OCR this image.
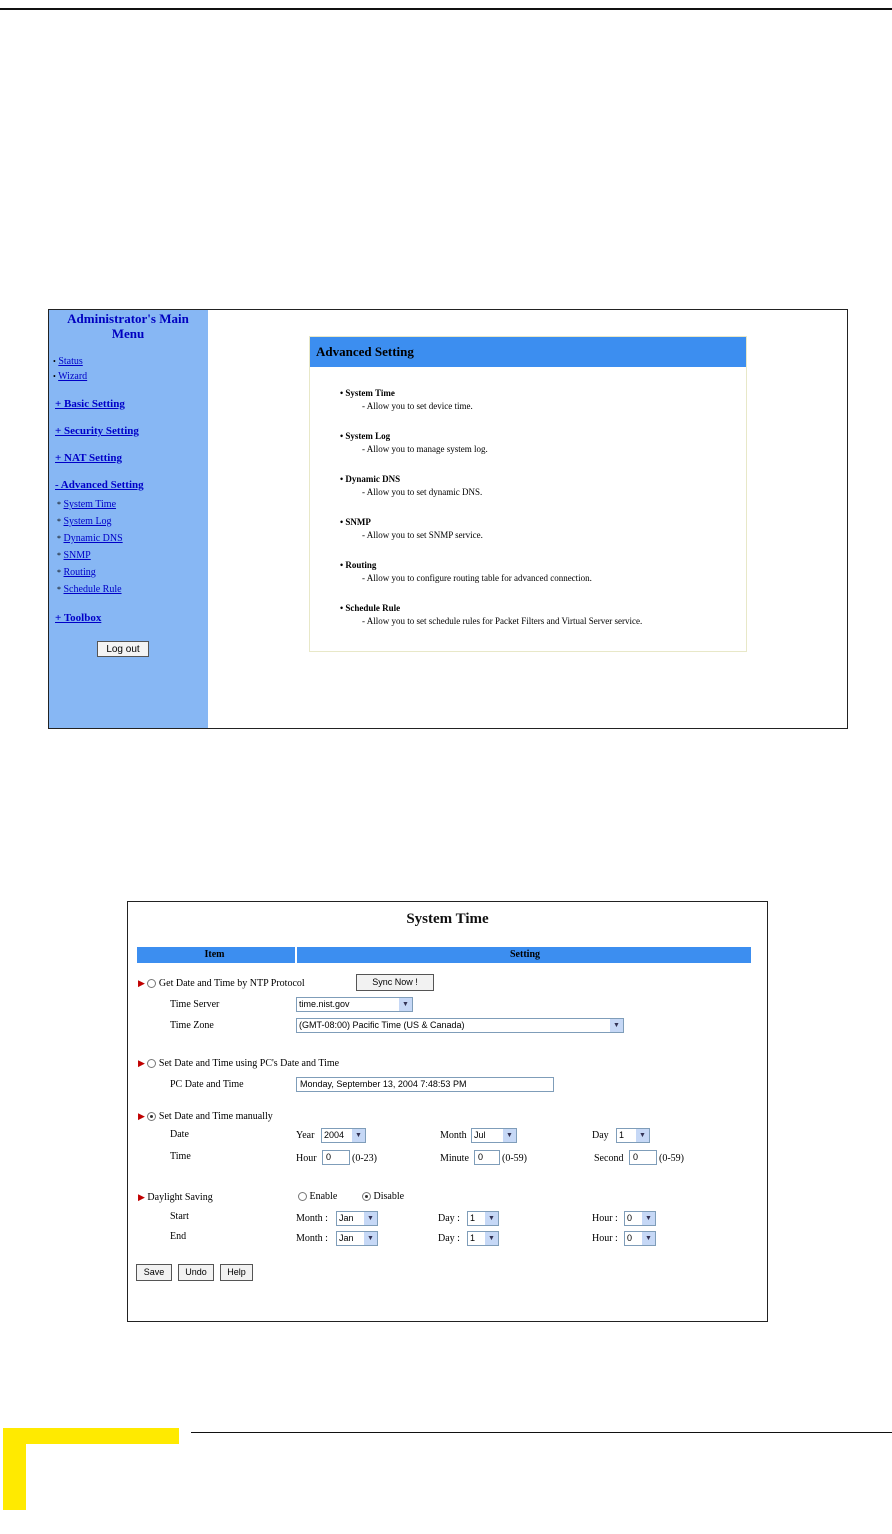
Administrator's Main Menu
• Status
• Wizard
+ Basic Setting
+ Security Setting
+ NAT Setting
- Advanced Setting
* System Time
* System Log
* Dynamic DNS
* SNMP
* Routing
* Schedule Rule
+ Toolbox
Log out
Advanced Setting
• System Time
- Allow you to set device time.
• System Log
- Allow you to manage system log.
• Dynamic DNS
- Allow you to set dynamic DNS.
• SNMP
- Allow you to set SNMP service.
• Routing
- Allow you to configure routing table for advanced connection.
• Schedule Rule
- Allow you to set schedule rules for Packet Filters and Virtual Server service.
System Time
Item	Setting
▶ Get Date and Time by NTP Protocol	Sync Now !
Time Server	time.nist.gov	▼
Time Zone	(GMT-08:00) Pacific Time (US & Canada)	▼
▶ Set Date and Time using PC's Date and Time
PC Date and Time	Monday, September 13, 2004 7:48:53 PM
▶ Set Date and Time manually
Date	Year	2004	▼	Month Jul	▼	Day	1	▼
Time	Hour	0	(0-23)	Minute	0	(0-59)	Second	0	(0-59)
▶ Daylight Saving	Enable	Disable
Start	Month :	Jan	▼	Day :	1	▼	Hour :	0	▼
End	Month :	Jan	▼	Day :	1	▼	Hour :	0	▼
Save	Undo	Help
